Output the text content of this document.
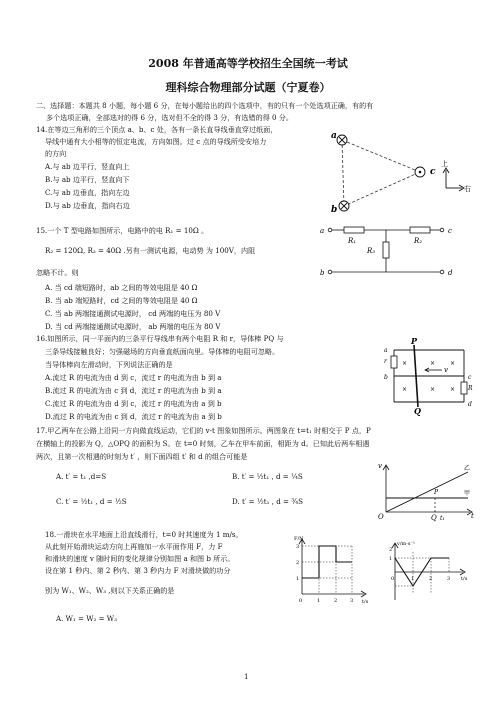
2008 年普通高等学校招生全国统一考试
理科综合物理部分试题（宁夏卷）
二、选择题：本题共 8 小题，每小题 6 分，在每小题给出的四个选项中，有的只有一个处选项正确，有的有
多个选项正确，全部选对的得 6 分，选对但不全的得 3 分，有选错的得 0 分。
14.在等边三角形的三个顶点 a、b、c 处，各有一条长直导线垂直穿过纸面，
导线中通有大小相等的恒定电流，方向如图。过 c 点的导线所受安培力
的方向
A.与 ab 边平行，竖直向上
B.与 ab 边平行，竖直向下
C.与 ab 边垂直，指向左边
D.与 ab 边垂直，指向右边
a
b
c
上
右
15.一个 T 型电路如图所示，电路中的电 R₁ = 10Ω 。
R₂ = 120Ω, R₃ = 40Ω .另有一测试电源，电动势 为 100V，内阻
忽略不计。则
A. 当 cd 端短路时，ab 之间的等效电阻是 40 Ω
B. 当 ab 端短路时，cd 之间的等效电阻是 40 Ω
C. 当 ab 两端接通测试电源时， cd 两端的电压为 80 V
D. 当 cd 两端接通测试电源时， ab 两端的电压为 80 V
a
b
c
d
R₁	R₂
R₃
16.如图所示，同一平面内的三条平行导线串有两个电阻 R 和 r，导体棒 PQ 与
三条导线接触良好；匀强磁场的方向垂直纸面向里。导体棒的电阻可忽略。
当导体棒向左滑动时，下列说法正确的是
A.流过 R 的电流为由 d 到 c，流过 r 的电流为由 b 到 a
B.流过 R 的电流为由 c 到 d，流过 r 的电流为由 b 到 a
C.流过 R 的电流为由 d 到 c，流过 r 的电流为由 a 到 b
D.流过 R 的电流为由 c 到 d，流过 r 的电流为由 a 到 b
×	× ×
×	× ×
v
P
Q
r
R
a
b	c
d
17.甲乙两车在公路上沿同一方向做直线运动，它们的 v-t 图象如图所示。两图象在 t=t₁ 时相交于 P 点，P
在横轴上的投影为 Q，△OPQ 的面积为 S。在 t=0 时刻，乙车在甲车前面，相距为 d。已知此后两车相遇
两次，且第一次相遇的时刻为 t′ ，则下面四组 t′ 和 d 的组合可能是
A. t′ = t₁ ,d=S	B. t′ = ½t₁ , d = ¼S
C. t′ = ½t₁ , d = ½S	D. t′ = ½t₁ , d = ¾S
v
t
O	Q t₁
P
乙
甲
18.一滑块在水平地面上沿直线滑行，t=0 时其速度为 1 m/s。
从此刻开始滑块运动方向上再施加一水平面作用 F，力 F
和滑块的速度 v 随时间的变化规律分别如图 a 和图 b 所示。
设在第 1 秒内、第 2 秒内、第 3 秒内力 F 对滑块做的功分
别为 W₁、W₂、W₃ ,则以下关系正确的是
A. W₁ = W₂ = W₃
F/N
t/s
0	1	2	3
1
2
3	v/m·s⁻¹
t/s
0	1	2	3
1
2
1
